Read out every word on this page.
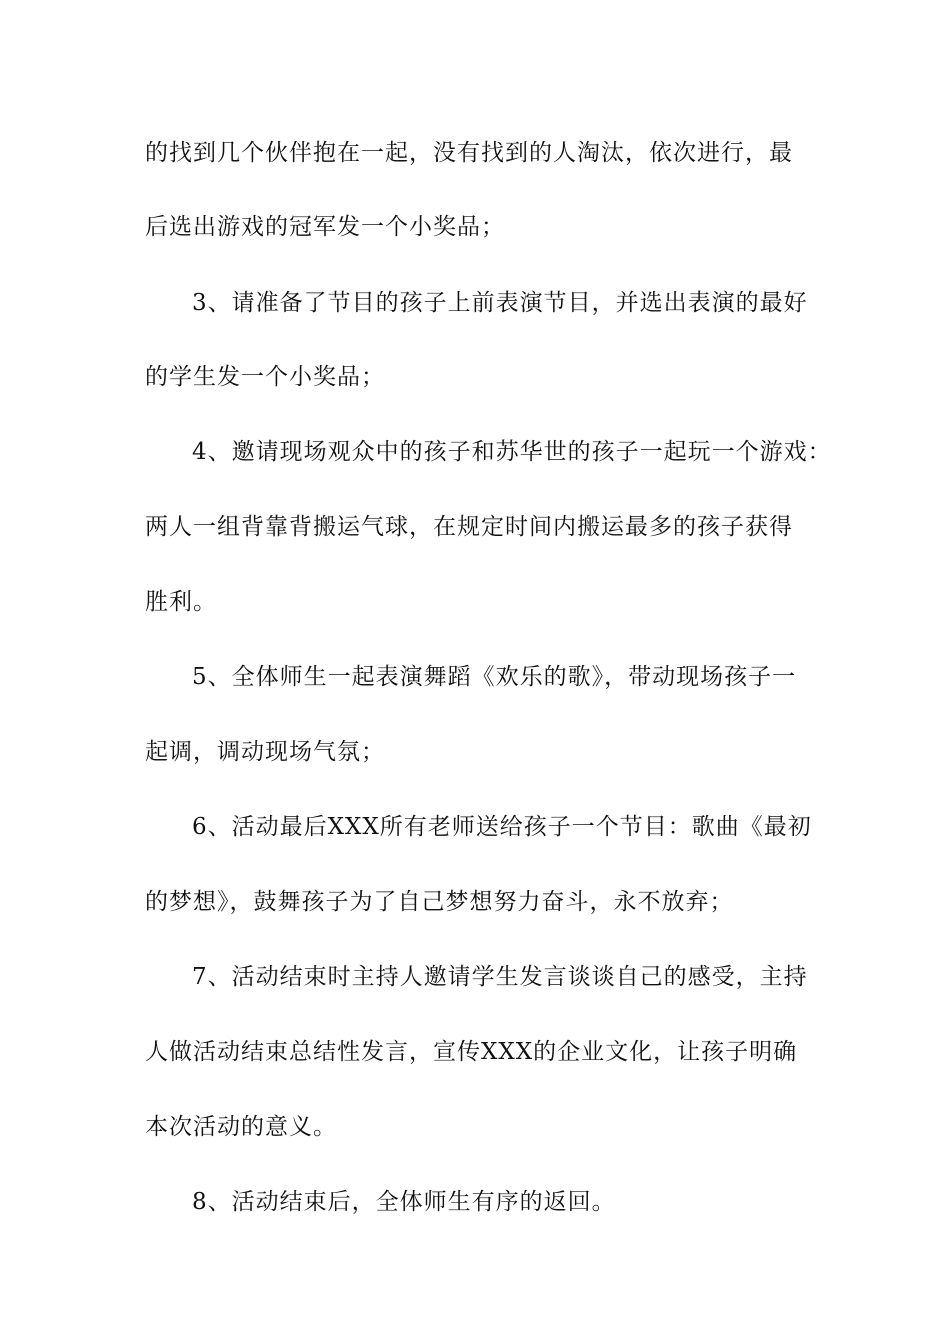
的找到几个伙伴抱在一起，没有找到的人淘汰，依次进行，最
后选出游戏的冠军发一个小奖品；
3、请准备了节目的孩子上前表演节目，并选出表演的最好
的学生发一个小奖品；
4、邀请现场观众中的孩子和苏华世的孩子一起玩一个游戏：
两人一组背靠背搬运气球，在规定时间内搬运最多的孩子获得
胜利。
5、全体师生一起表演舞蹈《欢乐的歌》，带动现场孩子一
起调，调动现场气氛；
6、活动最后XXX所有老师送给孩子一个节目：歌曲《最初
的梦想》，鼓舞孩子为了自己梦想努力奋斗，永不放弃；
7、活动结束时主持人邀请学生发言谈谈自己的感受，主持
人做活动结束总结性发言，宣传XXX的企业文化，让孩子明确
本次活动的意义。
8、活动结束后，全体师生有序的返回。
